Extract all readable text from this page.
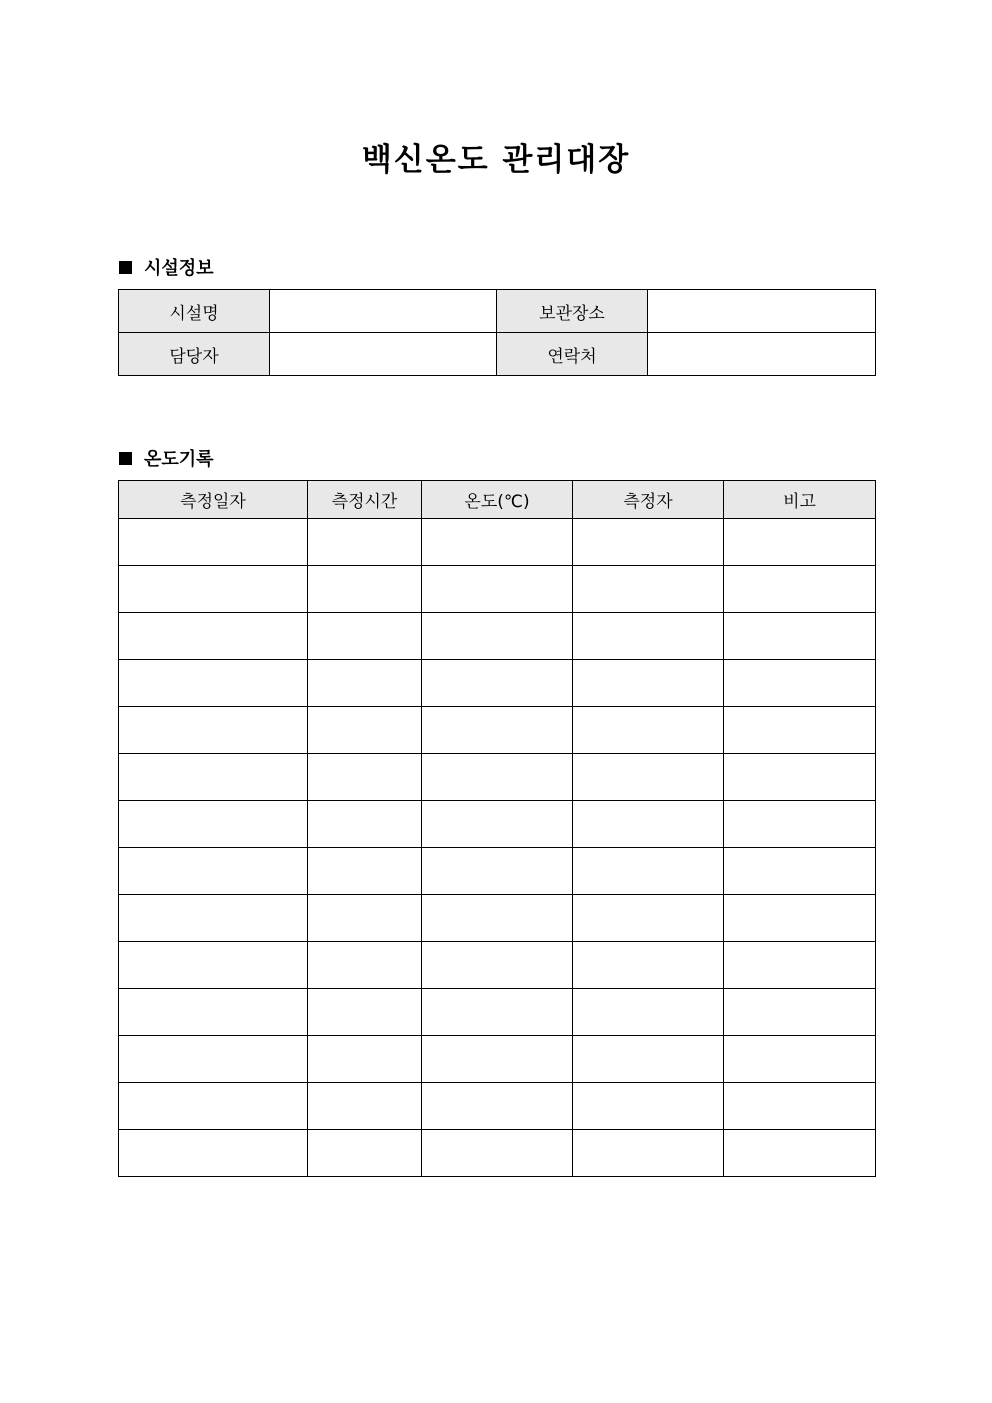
백신온도 관리대장
시설정보
시설명		보관장소	
담당자		연락처	
온도기록
측정일자	측정시간	온도(℃)	측정자	비고
